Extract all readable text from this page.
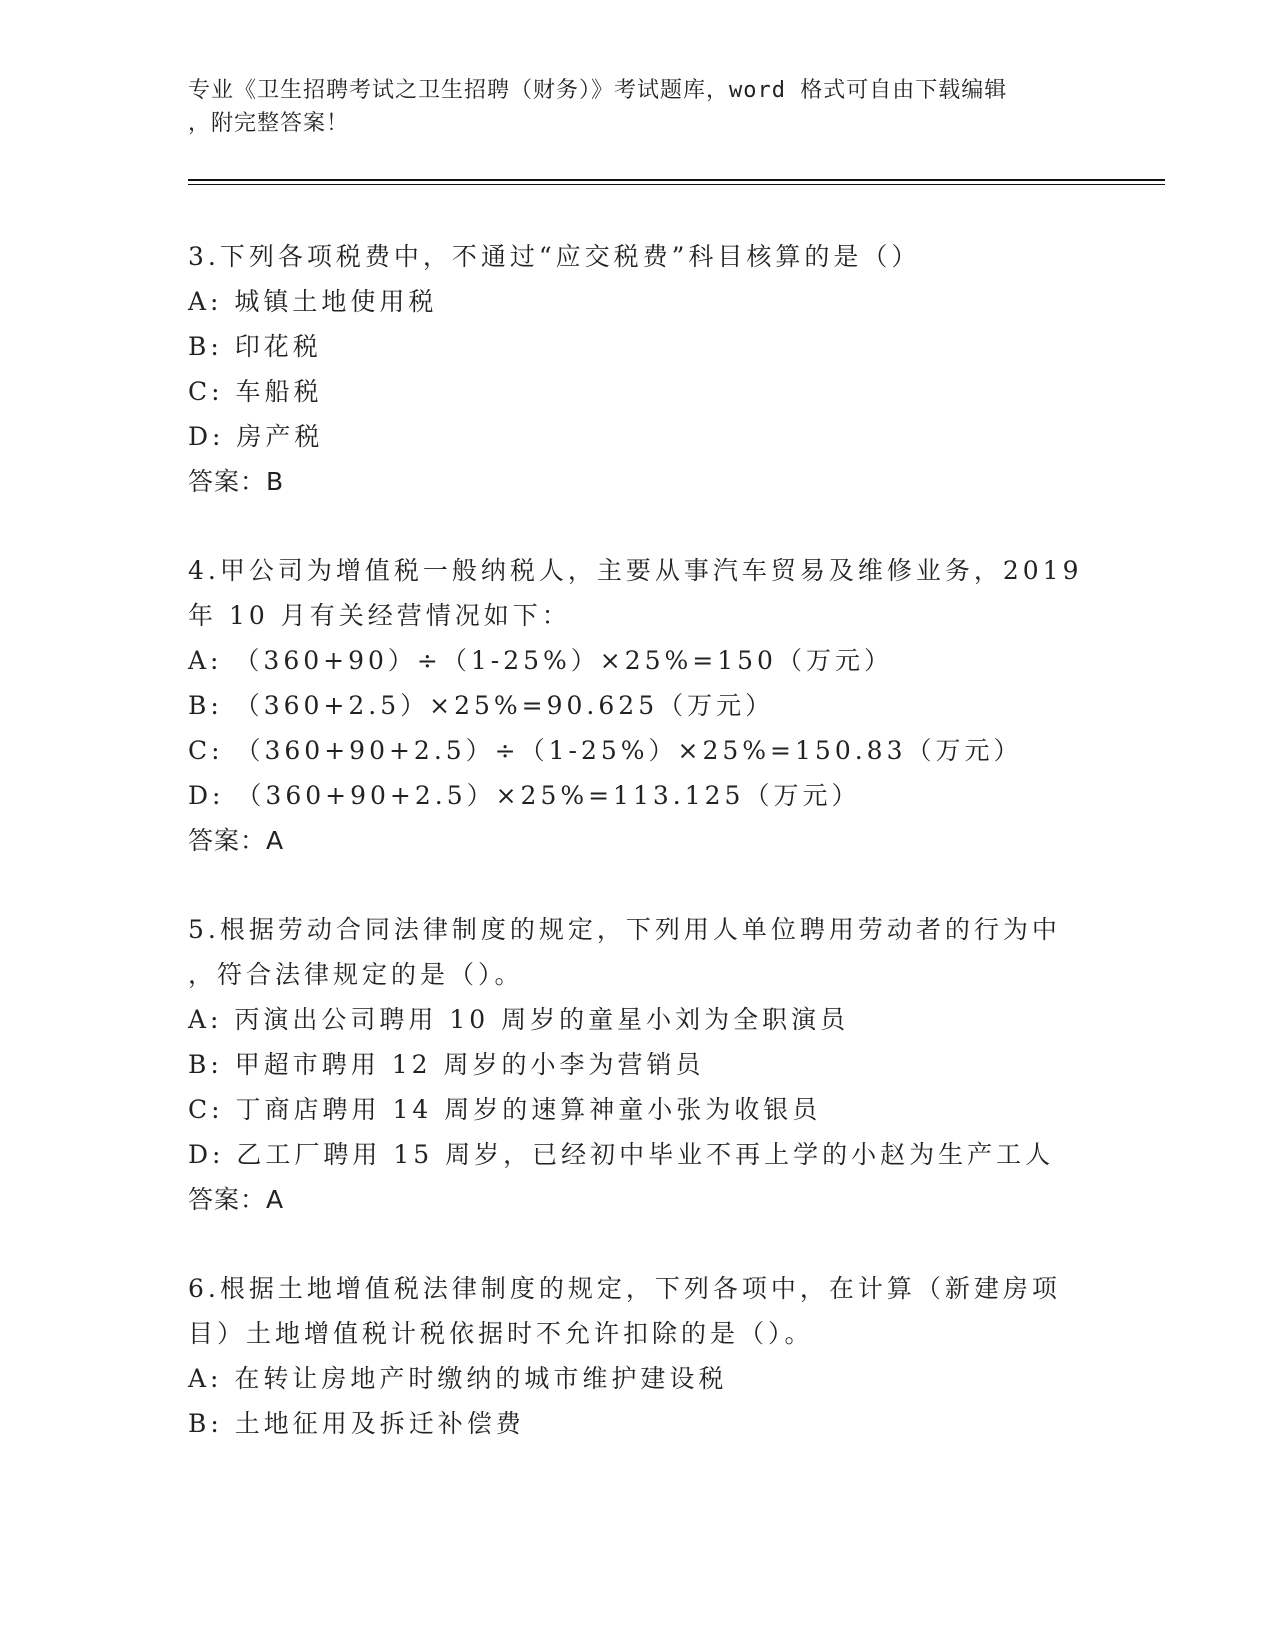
专业《卫生招聘考试之卫生招聘（财务）》考试题库，word 格式可自由下载编辑
，附完整答案！
3.下列各项税费中，不通过“应交税费”科目核算的是（）
A: 城镇土地使用税
B: 印花税
C: 车船税
D: 房产税
答案：B
4.甲公司为增值税一般纳税人，主要从事汽车贸易及维修业务，2019
年 10 月有关经营情况如下：
A: （360+90）÷（1-25%）×25%=150（万元）
B: （360+2.5）×25%=90.625（万元）
C: （360+90+2.5）÷（1-25%）×25%=150.83（万元）
D: （360+90+2.5）×25%=113.125（万元）
答案：A
5.根据劳动合同法律制度的规定，下列用人单位聘用劳动者的行为中
，符合法律规定的是（）。
A: 丙演出公司聘用 10 周岁的童星小刘为全职演员
B: 甲超市聘用 12 周岁的小李为营销员
C: 丁商店聘用 14 周岁的速算神童小张为收银员
D: 乙工厂聘用 15 周岁，已经初中毕业不再上学的小赵为生产工人
答案：A
6.根据土地增值税法律制度的规定，下列各项中，在计算（新建房项
目）土地增值税计税依据时不允许扣除的是（）。
A: 在转让房地产时缴纳的城市维护建设税
B: 土地征用及拆迁补偿费
